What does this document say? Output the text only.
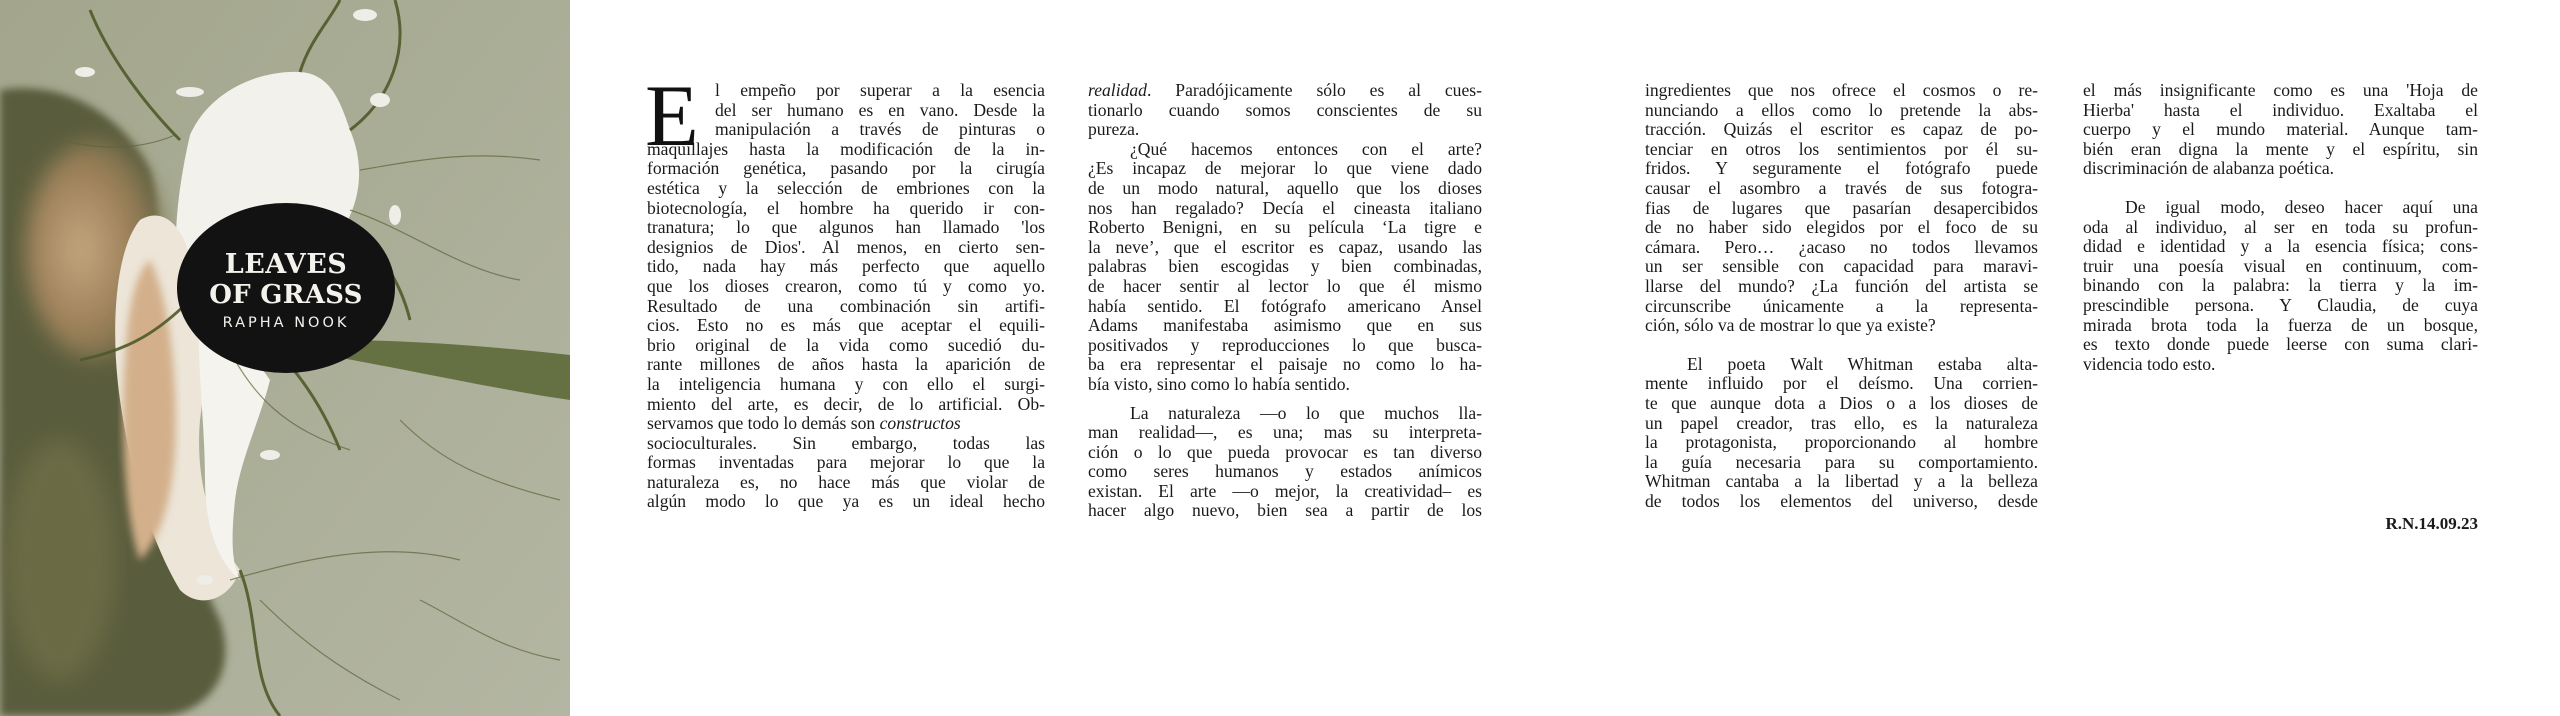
LEAVES
OF GRASS
RAPHA NOOK
E l empeño por superar a la esencia
del ser humano es en vano. Desde la
manipulación a través de pinturas o
maquillajes hasta la modificación de la in-
formación genética, pasando por la cirugía
estética y la selección de embriones con la
biotecnología, el hombre ha querido ir con-
tranatura; lo que algunos han llamado 'los
designios de Dios'. Al menos, en cierto sen-
tido, nada hay más perfecto que aquello
que los dioses crearon, como tú y como yo.
Resultado de una combinación sin artifi-
cios. Esto no es más que aceptar el equili-
brio original de la vida como sucedió du-
rante millones de años hasta la aparición de
la inteligencia humana y con ello el surgi-
miento del arte, es decir, de lo artificial. Ob-
servamos que todo lo demás son constructos
socioculturales. Sin embargo, todas las
formas inventadas para mejorar lo que la
naturaleza es, no hace más que violar de
algún modo lo que ya es un ideal hecho
realidad. Paradójicamente sólo es al cues-
tionarlo cuando somos conscientes de su
pureza.
¿Qué hacemos entonces con el arte?
¿Es incapaz de mejorar lo que viene dado
de un modo natural, aquello que los dioses
nos han regalado? Decía el cineasta italiano
Roberto Benigni, en su película ‘La tigre e
la neve’, que el escritor es capaz, usando las
palabras bien escogidas y bien combinadas,
de hacer sentir al lector lo que él mismo
había sentido. El fotógrafo americano Ansel
Adams manifestaba asimismo que en sus
positivados y reproducciones lo que busca-
ba era representar el paisaje no como lo ha-
bía visto, sino como lo había sentido.
La naturaleza —o lo que muchos lla-
man realidad—, es una; mas su interpreta-
ción o lo que pueda provocar es tan diverso
como seres humanos y estados anímicos
existan. El arte —o mejor, la creatividad– es
hacer algo nuevo, bien sea a partir de los
ingredientes que nos ofrece el cosmos o re-
nunciando a ellos como lo pretende la abs-
tracción. Quizás el escritor es capaz de po-
tenciar en otros los sentimientos por él su-
fridos. Y seguramente el fotógrafo puede
causar el asombro a través de sus fotogra-
fias de lugares que pasarían desapercibidos
de no haber sido elegidos por el foco de su
cámara. Pero… ¿acaso no todos llevamos
un ser sensible con capacidad para maravi-
llarse del mundo? ¿La función del artista se
circunscribe únicamente a la representa-
ción, sólo va de mostrar lo que ya existe?
El poeta Walt Whitman estaba alta-
mente influido por el deísmo. Una corrien-
te que aunque dota a Dios o a los dioses de
un papel creador, tras ello, es la naturaleza
la protagonista, proporcionando al hombre
la guía necesaria para su comportamiento.
Whitman cantaba a la libertad y a la belleza
de todos los elementos del universo, desde
el más insignificante como es una 'Hoja de
Hierba' hasta el individuo. Exaltaba el
cuerpo y el mundo material. Aunque tam-
bién eran digna la mente y el espíritu, sin
discriminación de alabanza poética.
De igual modo, deseo hacer aquí una
oda al individuo, al ser en toda su profun-
didad e identidad y a la esencia física; cons-
truir una poesía visual en continuum, com-
binando con la palabra: la tierra y la im-
prescindible persona. Y Claudia, de cuya
mirada brota toda la fuerza de un bosque,
es texto donde puede leerse con suma clari-
videncia todo esto.
R.N.14.09.23
